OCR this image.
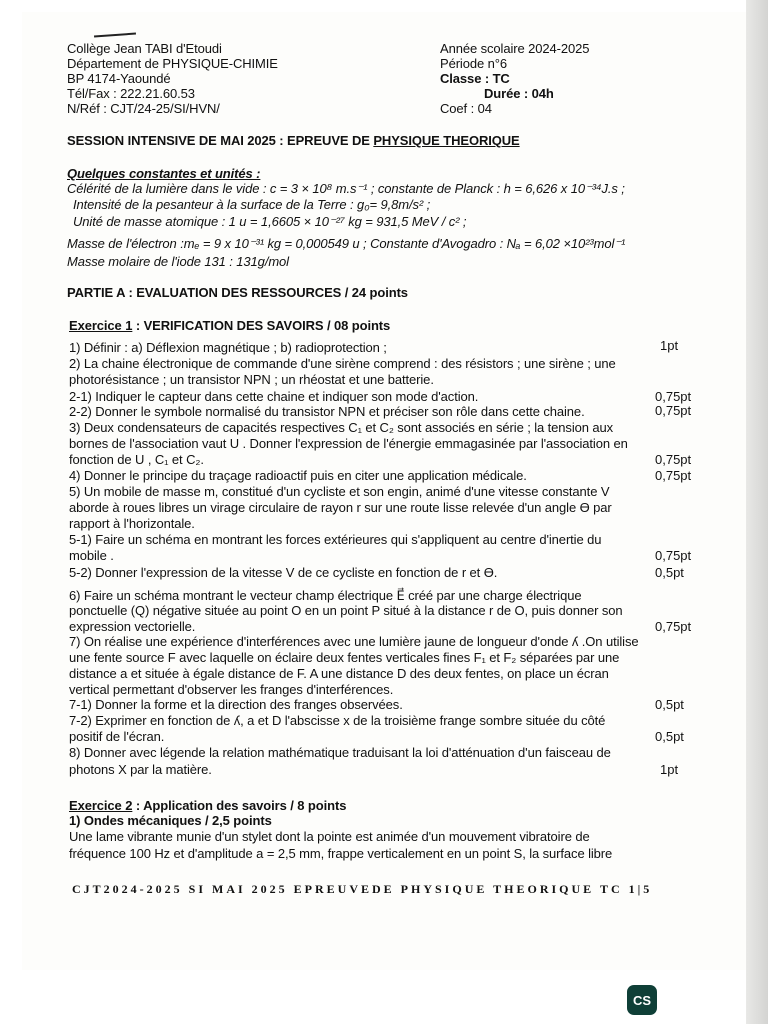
Collège Jean TABI d'Etoudi
Département de PHYSIQUE-CHIMIE
BP 4174-Yaoundé
Tél/Fax : 222.21.60.53
N/Réf : CJT/24-25/SI/HVN/
Année scolaire 2024-2025
Période n°6
Classe : TC
Durée : 04h
Coef : 04
SESSION INTENSIVE DE MAI 2025 : EPREUVE DE PHYSIQUE THEORIQUE
Quelques constantes et unités :
Célérité de la lumière dans le vide : c = 3 × 10⁸ m.s⁻¹ ; constante de Planck : h = 6,626 x 10⁻³⁴J.s ;
Intensité de la pesanteur à la surface de la Terre : g₀= 9,8m/s² ;
Unité de masse atomique : 1 u = 1,6605 × 10⁻²⁷ kg = 931,5 MeV / c² ;
Masse de l'électron :mₑ = 9 x 10⁻³¹ kg = 0,000549 u ; Constante d'Avogadro : Nₐ = 6,02 ×10²³mol⁻¹
Masse molaire de l'iode 131 : 131g/mol
PARTIE A : EVALUATION DES RESSOURCES / 24 points
Exercice 1 : VERIFICATION DES SAVOIRS / 08 points
1) Définir : a) Déflexion magnétique ; b) radioprotection ;	1pt
2) La chaine électronique de commande d'une sirène comprend : des résistors ; une sirène ; une
photorésistance ; un transistor NPN ; un rhéostat et une batterie.
2-1) Indiquer le capteur dans cette chaine et indiquer son mode d'action.	0,75pt
2-2) Donner le symbole normalisé du transistor NPN et préciser son rôle dans cette chaine.	0,75pt
3) Deux condensateurs de capacités respectives C₁ et C₂ sont associés en série ; la tension aux
bornes de l'association vaut U . Donner l'expression de l'énergie emmagasinée par l'association en
fonction de U , C₁ et C₂.	0,75pt
4) Donner le principe du traçage radioactif puis en citer une application médicale.	0,75pt
5) Un mobile de masse m, constitué d'un cycliste et son engin, animé d'une vitesse constante V
aborde à roues libres un virage circulaire de rayon r sur une route lisse relevée d'un angle ϴ par
rapport à l'horizontale.
5-1) Faire un schéma en montrant les forces extérieures qui s'appliquent au centre d'inertie du
mobile .	0,75pt
5-2) Donner l'expression de la vitesse V de ce cycliste en fonction de r et ϴ.	0,5pt
6) Faire un schéma montrant le vecteur champ électrique E⃗ créé par une charge électrique
ponctuelle (Q) négative située au point O en un point P situé à la distance r de O, puis donner son
expression vectorielle.	0,75pt
7) On réalise une expérience d'interférences avec une lumière jaune de longueur d'onde ʎ .On utilise
une fente source F avec laquelle on éclaire deux fentes verticales fines F₁ et F₂ séparées par une
distance a et située à égale distance de F. A une distance D des deux fentes, on place un écran
vertical permettant d'observer les franges d'interférences.
7-1) Donner la forme et la direction des franges observées.	0,5pt
7-2) Exprimer en fonction de ʎ, a et D l'abscisse x de la troisième frange sombre située du côté
positif de l'écran.	0,5pt
8) Donner avec légende la relation mathématique traduisant la loi d'atténuation d'un faisceau de
photons X par la matière.	1pt
Exercice 2 : Application des savoirs / 8 points
1) Ondes mécaniques / 2,5 points
Une lame vibrante munie d'un stylet dont la pointe est animée d'un mouvement vibratoire de
fréquence 100 Hz et d'amplitude a = 2,5 mm, frappe verticalement en un point S, la surface libre
CJT2024-2025 SI MAI 2025 EPREUVEDE PHYSIQUE THEORIQUE TC 1|5
CS
